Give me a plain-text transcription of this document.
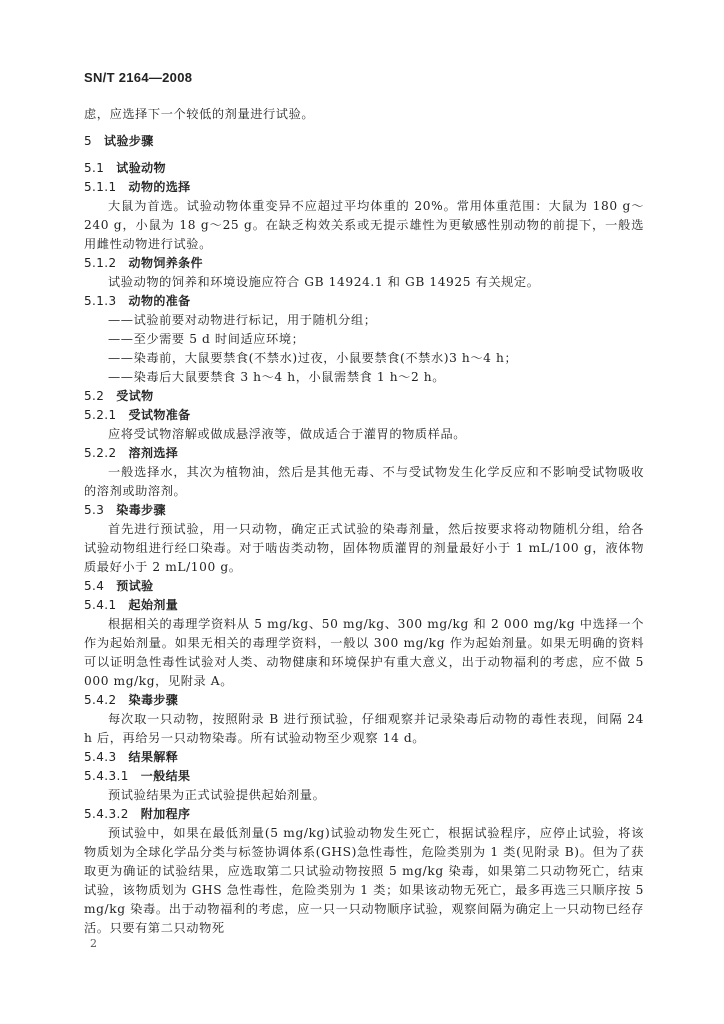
SN/T 2164—2008

虑，应选择下一个较低的剂量进行试验。

5 试验步骤

5.1 试验动物

5.1.1 动物的选择

大鼠为首选。试验动物体重变异不应超过平均体重的 20%。常用体重范围：大鼠为 180 g～240 g，小鼠为 18 g～25 g。在缺乏构效关系或无提示雄性为更敏感性别动物的前提下，一般选用雌性动物进行试验。

5.1.2 动物饲养条件

试验动物的饲养和环境设施应符合 GB 14924.1 和 GB 14925 有关规定。

5.1.3 动物的准备

——试验前要对动物进行标记，用于随机分组；

——至少需要 5 d 时间适应环境；

——染毒前，大鼠要禁食(不禁水)过夜，小鼠要禁食(不禁水)3 h～4 h；

——染毒后大鼠要禁食 3 h～4 h，小鼠需禁食 1 h～2 h。

5.2 受试物

5.2.1 受试物准备

应将受试物溶解或做成悬浮液等，做成适合于灌胃的物质样品。

5.2.2 溶剂选择

一般选择水，其次为植物油，然后是其他无毒、不与受试物发生化学反应和不影响受试物吸收的溶剂或助溶剂。

5.3 染毒步骤

首先进行预试验，用一只动物，确定正式试验的染毒剂量，然后按要求将动物随机分组，给各试验动物组进行经口染毒。对于啮齿类动物，固体物质灌胃的剂量最好小于 1 mL/100 g，液体物质最好小于 2 mL/100 g。

5.4 预试验

5.4.1 起始剂量

根据相关的毒理学资料从 5 mg/kg、50 mg/kg、300 mg/kg 和 2 000 mg/kg 中选择一个作为起始剂量。如果无相关的毒理学资料，一般以 300 mg/kg 作为起始剂量。如果无明确的资料可以证明急性毒性试验对人类、动物健康和环境保护有重大意义，出于动物福利的考虑，应不做 5 000 mg/kg，见附录 A。

5.4.2 染毒步骤

每次取一只动物，按照附录 B 进行预试验，仔细观察并记录染毒后动物的毒性表现，间隔 24 h 后，再给另一只动物染毒。所有试验动物至少观察 14 d。

5.4.3 结果解释

5.4.3.1 一般结果

预试验结果为正式试验提供起始剂量。

5.4.3.2 附加程序

预试验中，如果在最低剂量(5 mg/kg)试验动物发生死亡，根据试验程序，应停止试验，将该物质划为全球化学品分类与标签协调体系(GHS)急性毒性，危险类别为 1 类(见附录 B)。但为了获取更为确证的试验结果，应选取第二只试验动物按照 5 mg/kg 染毒，如果第二只动物死亡，结束试验，该物质划为 GHS 急性毒性，危险类别为 1 类；如果该动物无死亡，最多再选三只顺序按 5 mg/kg 染毒。出于动物福利的考虑，应一只一只动物顺序试验，观察间隔为确定上一只动物已经存活。只要有第二只动物死

2
